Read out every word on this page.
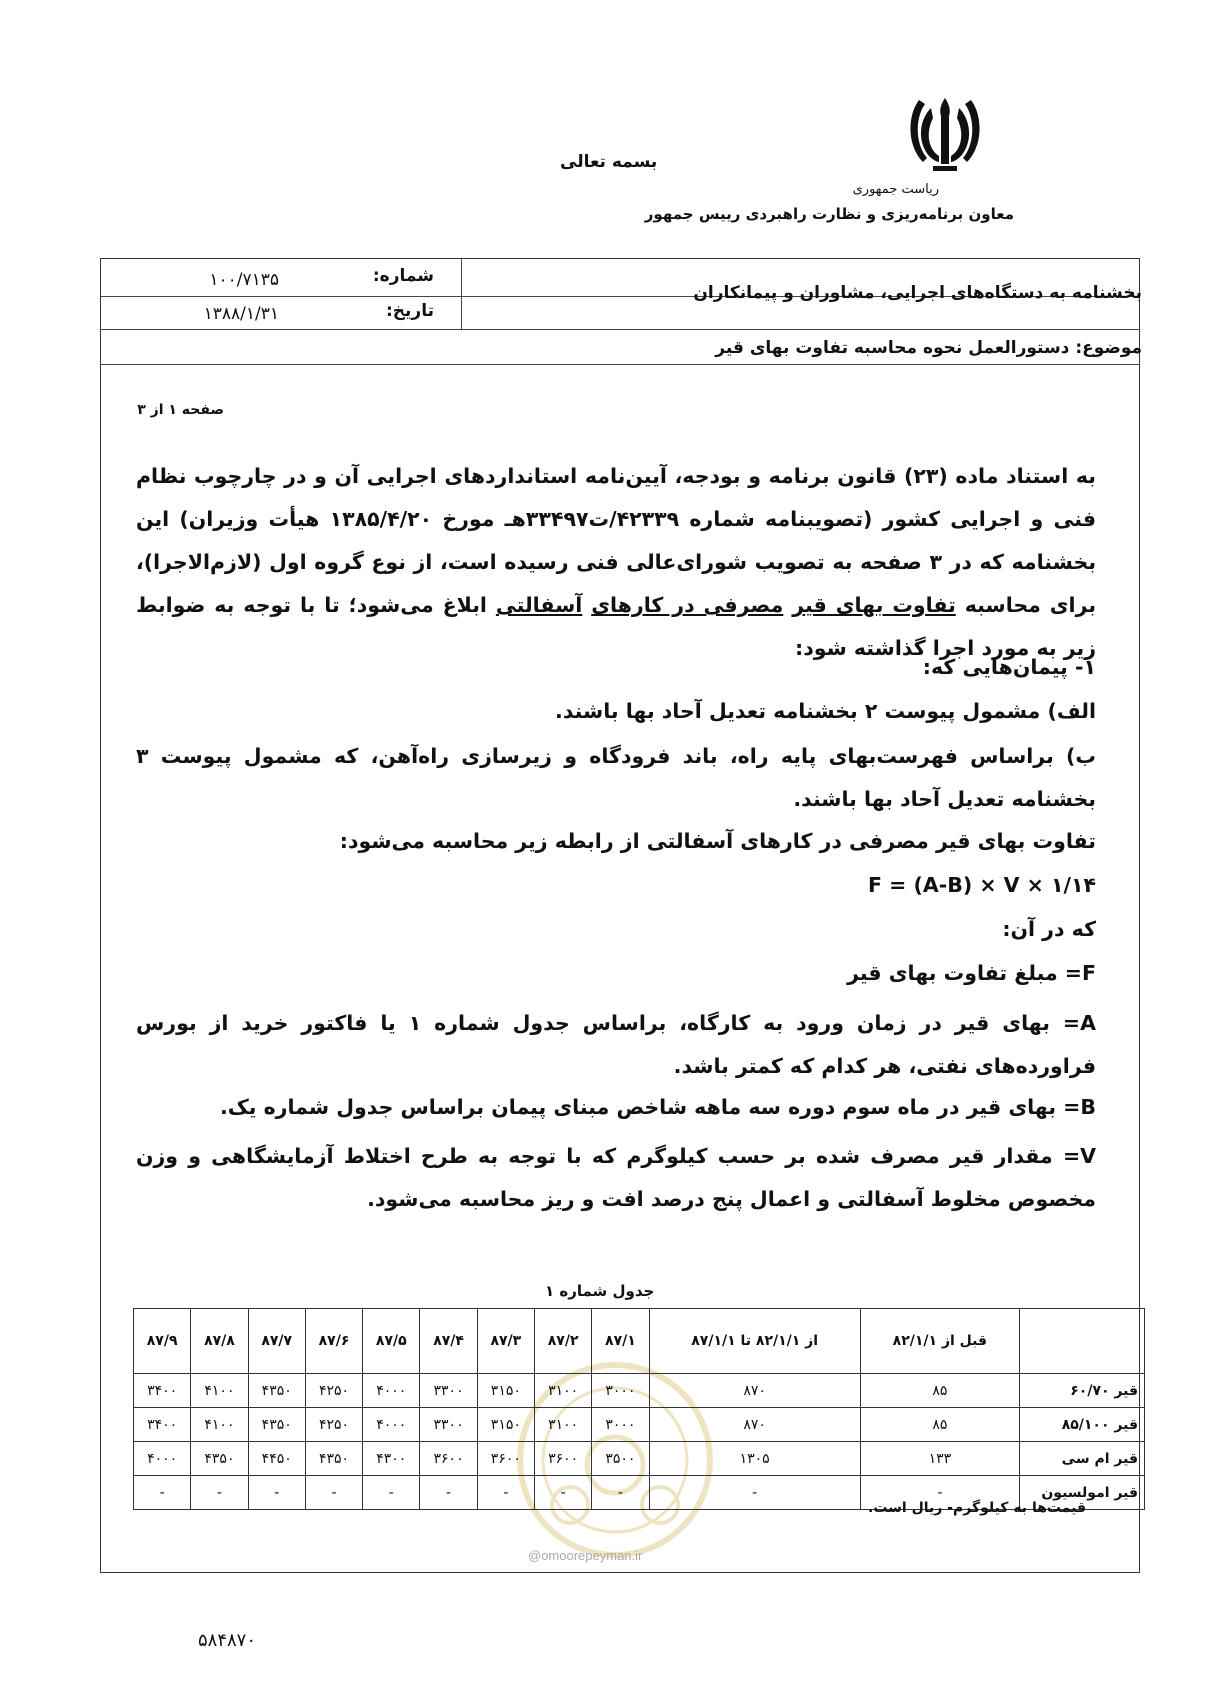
ریاست جمهوری
معاون برنامه‌ریزی و نظارت راهبردی رییس جمهور
بسمه تعالی
بخشنامه به دستگاه‌های اجرایی، مشاوران و پیمانکاران
شماره:
۱۰۰/۷۱۳۵
تاریخ:
۱۳۸۸/۱/۳۱
موضوع: دستورالعمل نحوه محاسبه تفاوت بهای قیر
صفحه ۱ از ۳
به استناد ماده (۲۳) قانون برنامه و بودجه، آیین‌نامه استانداردهای اجرایی آن و در چارچوب نظام فنی و اجرایی کشور (تصویبنامه شماره ۴۲۳۳۹/ت۳۳۴۹۷هـ مورخ ۱۳۸۵/۴/۲۰ هیأت وزیران) این بخشنامه که در ۳ صفحه به تصویب شورای‌عالی فنی رسیده است، از نوع گروه اول (لازم‌الاجرا)، برای محاسبه تفاوت بهای قیر مصرفی در کارهای آسفالتی ابلاغ می‌شود؛ تا با توجه به ضوابط زیر به مورد اجرا گذاشته شود:
۱- پیمان‌هایی که:
الف) مشمول پیوست ۲ بخشنامه تعدیل آحاد بها باشند.
ب) براساس فهرست‌بهای پایه راه، باند فرودگاه و زیرسازی راه‌آهن، که مشمول پیوست ۳ بخشنامه تعدیل آحاد بها باشند.
تفاوت بهای قیر مصرفی در کارهای آسفالتی از رابطه زیر محاسبه می‌شود:
F = (A-B) × V × ۱/۱۴
که در آن:
F= مبلغ تفاوت بهای قیر
A= بهای قیر در زمان ورود به کارگاه، براساس جدول شماره ۱ یا فاکتور خرید از بورس فراورده‌های نفتی، هر کدام که کمتر باشد.
B= بهای قیر در ماه سوم دوره سه ماهه شاخص مبنای پیمان براساس جدول شماره یک.
V= مقدار قیر مصرف شده بر حسب کیلوگرم که با توجه به طرح اختلاط آزمایشگاهی و وزن مخصوص مخلوط آسفالتی و اعمال پنج درصد افت و ریز محاسبه می‌شود.
جدول شماره ۱
	قبل از ۸۲/۱/۱	از ۸۲/۱/۱ تا ۸۷/۱/۱	۸۷/۱	۸۷/۲	۸۷/۳	۸۷/۴	۸۷/۵	۸۷/۶	۸۷/۷	۸۷/۸	۸۷/۹
قیر ۶۰/۷۰	۸۵	۸۷۰	۳۰۰۰	۳۱۰۰	۳۱۵۰	۳۳۰۰	۴۰۰۰	۴۲۵۰	۴۳۵۰	۴۱۰۰	۳۴۰۰
قیر ۸۵/۱۰۰	۸۵	۸۷۰	۳۰۰۰	۳۱۰۰	۳۱۵۰	۳۳۰۰	۴۰۰۰	۴۲۵۰	۴۳۵۰	۴۱۰۰	۳۴۰۰
قیر ام سی	۱۳۳	۱۳۰۵	۳۵۰۰	۳۶۰۰	۳۶۰۰	۳۶۰۰	۴۳۰۰	۴۳۵۰	۴۴۵۰	۴۳۵۰	۴۰۰۰
قیر امولسیون	-	-	-	-	-	-	-	-	-	-	-
قیمت‌ها به کیلوگرم- ریال است.
@omoorepeyman.ir
۵۸۴۸۷۰
